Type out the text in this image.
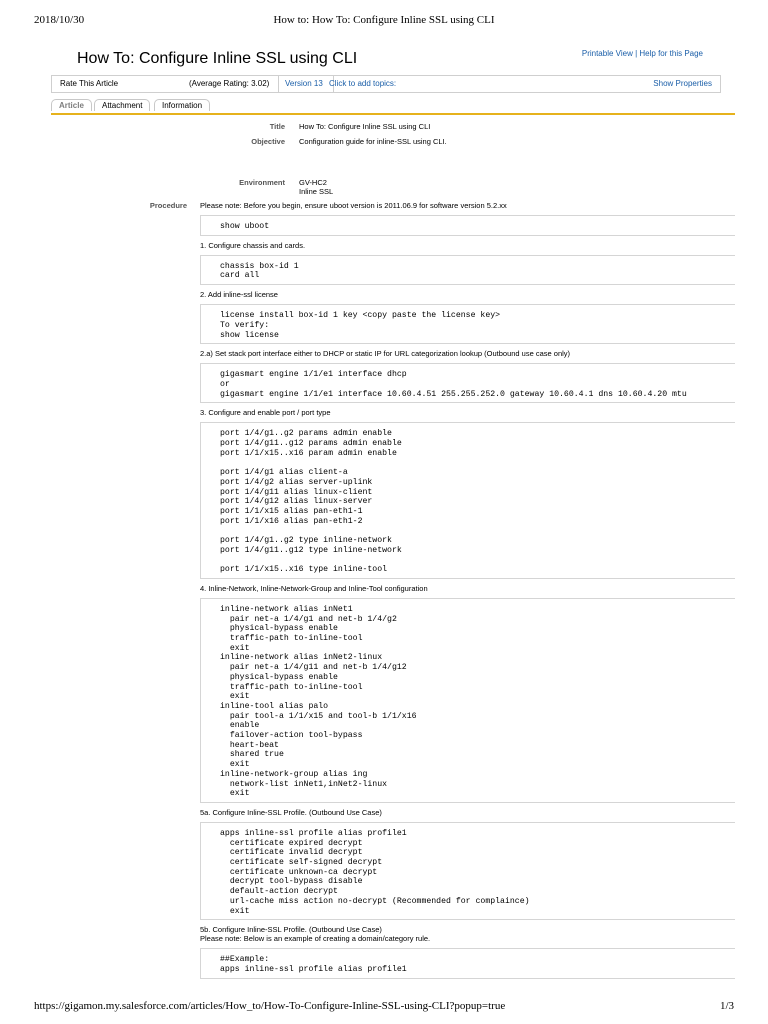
2018/10/30	How to: How To: Configure Inline SSL using CLI
Printable View | Help for this Page
How To: Configure Inline SSL using CLI
Rate This Article	(Average Rating: 3.02)	Version 13 Click to add topics:	Show Properties
Article	Attachment	Information
Title How To: Configure Inline SSL using CLI
Objective Configuration guide for inline-SSL using CLI.
Environment GV-HC2
Inline SSL
Procedure Please note: Before you begin, ensure uboot version is 2011.06.9 for software version 5.2.xx

show uboot

1. Configure chassis and cards.

chassis box-id 1
card all

2. Add inline-ssl license

license install box-id 1 key <copy paste the license key>
To verify:
show license

2.a) Set stack port interface either to DHCP or static IP for URL categorization lookup (Outbound use case only)

gigasmart engine 1/1/e1 interface dhcp
or
gigasmart engine 1/1/e1 interface 10.60.4.51 255.255.252.0 gateway 10.60.4.1 dns 10.60.4.20 mtu

3. Configure and enable port / port type

port 1/4/g1..g2 params admin enable
port 1/4/g11..g12 params admin enable
port 1/1/x15..x16 param admin enable

port 1/4/g1 alias client-a
port 1/4/g2 alias server-uplink
port 1/4/g11 alias linux-client
port 1/4/g12 alias linux-server
port 1/1/x15 alias pan-eth1-1
port 1/1/x16 alias pan-eth1-2

port 1/4/g1..g2 type inline-network
port 1/4/g11..g12 type inline-network

port 1/1/x15..x16 type inline-tool

4. Inline-Network, Inline-Network-Group and Inline-Tool configuration

inline-network alias inNet1
pair net-a 1/4/g1 and net-b 1/4/g2
physical-bypass enable
traffic-path to-inline-tool
exit
inline-network alias inNet2-linux
pair net-a 1/4/g11 and net-b 1/4/g12
physical-bypass enable
traffic-path to-inline-tool
exit
inline-tool alias palo
pair tool-a 1/1/x15 and tool-b 1/1/x16
enable
failover-action tool-bypass
heart-beat
shared true
exit
inline-network-group alias ing
network-list inNet1,inNet2-linux
exit

5a. Configure Inline-SSL Profile. (Outbound Use Case)

apps inline-ssl profile alias profile1
certificate expired decrypt
certificate invalid decrypt
certificate self-signed decrypt
certificate unknown-ca decrypt
decrypt tool-bypass disable
default-action decrypt
url-cache miss action no-decrypt (Recommended for complaince)
exit

5b. Configure Inline-SSL Profile. (Outbound Use Case)

Please note: Below is an example of creating a domain/category rule.

##Example:
apps inline-ssl profile alias profile1
https://gigamon.my.salesforce.com/articles/How_to/How-To-Configure-Inline-SSL-using-CLI?popup=true	1/3
